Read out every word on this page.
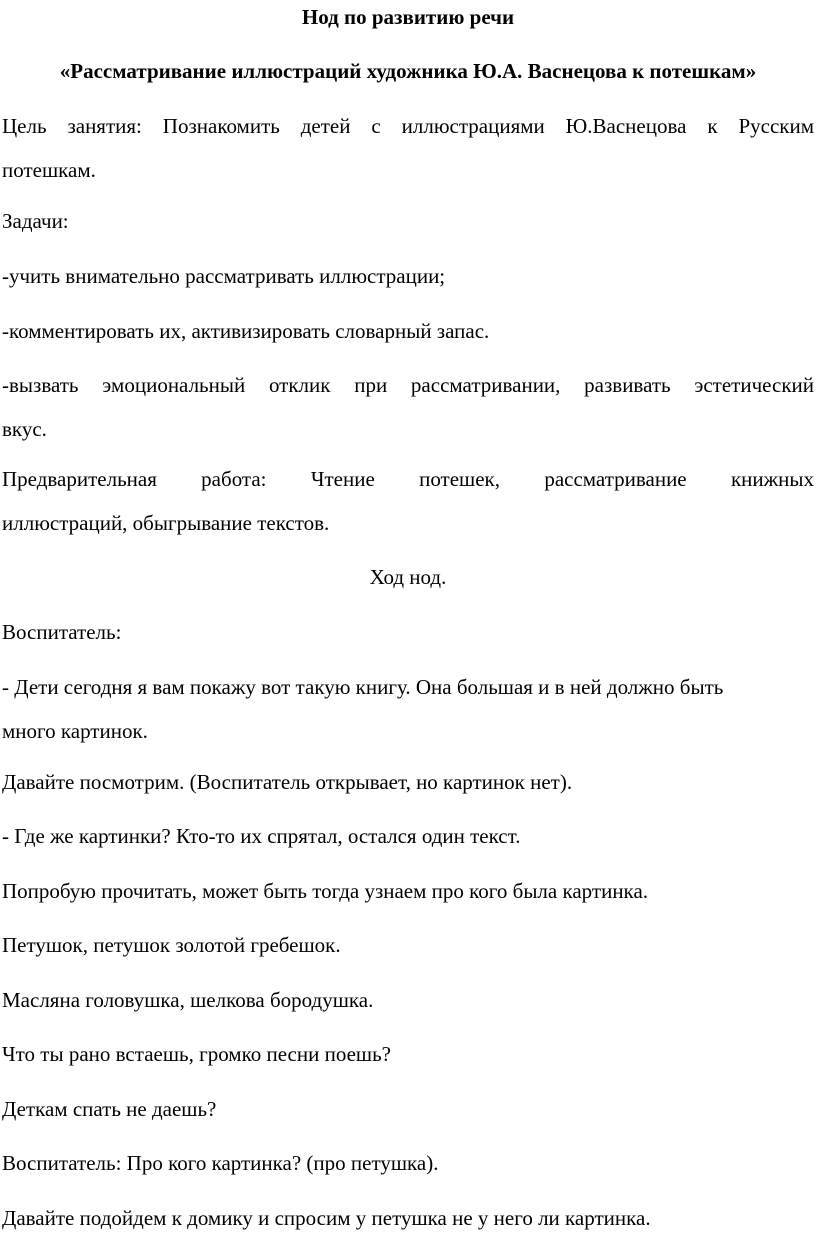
Нод по развитию речи
«Рассматривание иллюстраций художника Ю.А. Васнецова к потешкам»
Цель занятия: Познакомить детей с иллюстрациями Ю.Васнецова к Русским
потешкам.
Задачи:
-учить внимательно рассматривать иллюстрации;
-комментировать их, активизировать словарный запас.
-вызвать эмоциональный отклик при рассматривании, развивать эстетический
вкус.
Предварительная работа: Чтение потешек, рассматривание книжных
иллюстраций, обыгрывание текстов.
Ход нод.
Воспитатель:
- Дети сегодня я вам покажу вот такую книгу. Она большая и в ней должно быть
много картинок.
Давайте посмотрим. (Воспитатель открывает, но картинок нет).
- Где же картинки? Кто-то их спрятал, остался один текст.
Попробую прочитать, может быть тогда узнаем про кого была картинка.
Петушок, петушок золотой гребешок.
Масляна головушка, шелкова бородушка.
Что ты рано встаешь, громко песни поешь?
Деткам спать не даешь?
Воспитатель: Про кого картинка? (про петушка).
Давайте подойдем к домику и спросим у петушка не у него ли картинка.
